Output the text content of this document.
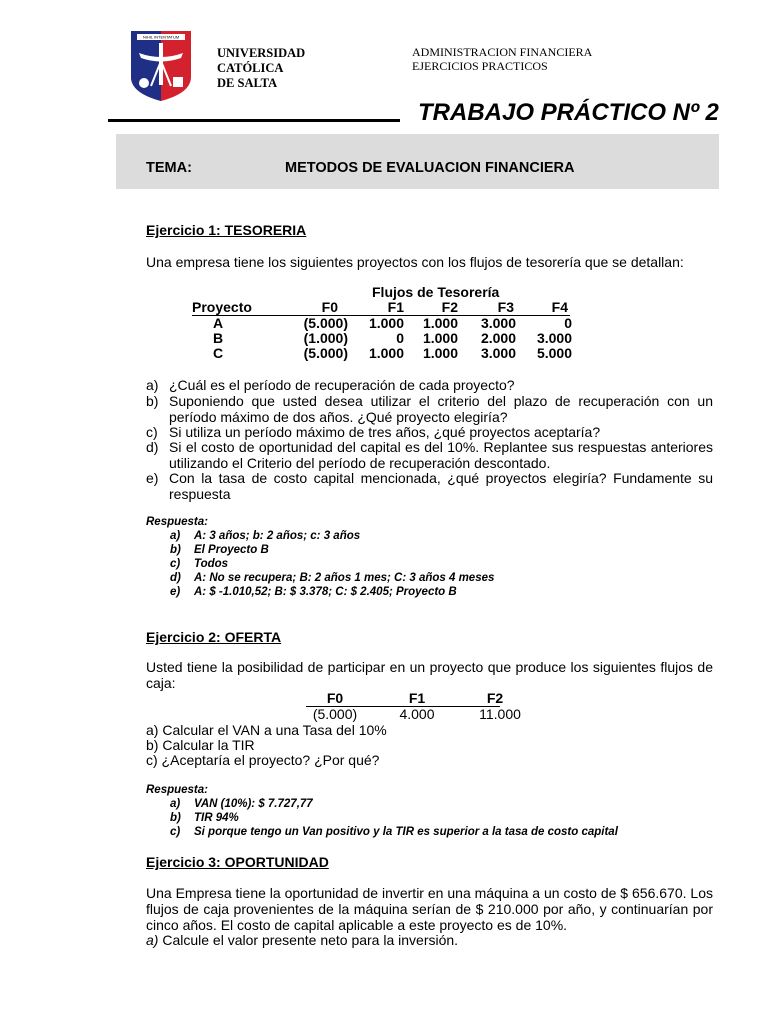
NIHIL INTENTATUM
UNIVERSIDAD
CATÓLICA
DE SALTA
ADMINISTRACION FINANCIERA
EJERCICIOS PRACTICOS
TRABAJO PRÁCTICO Nº 2
TEMA:	METODOS DE EVALUACION FINANCIERA
Ejercicio 1: TESORERIA
Una empresa tiene los siguientes proyectos con los flujos de tesorería que se detallan:
Flujos de Tesorería
Proyecto	F0	F1	F2	F3	F4
A	(5.000)	1.000	1.000	3.000	0
B	(1.000)	0	1.000	2.000	3.000
C	(5.000)	1.000	1.000	3.000	5.000
a) ¿Cuál es el período de recuperación de cada proyecto?
b) Suponiendo que usted desea utilizar el criterio del plazo de recuperación con un período máximo de dos años. ¿Qué proyecto elegiría?
c) Si utiliza un período máximo de tres años, ¿qué proyectos aceptaría?
d) Si el costo de oportunidad del capital es del 10%. Replantee sus respuestas anteriores utilizando el Criterio del período de recuperación descontado.
e) Con la tasa de costo capital mencionada, ¿qué proyectos elegiría? Fundamente su respuesta
Respuesta:
a) A: 3 años; b: 2 años; c: 3 años
b) El Proyecto B
c) Todos
d) A: No se recupera; B: 2 años 1 mes; C: 3 años 4 meses
e) A: $ -1.010,52; B: $ 3.378; C: $ 2.405; Proyecto B
Ejercicio 2: OFERTA
Usted tiene la posibilidad de participar en un proyecto que produce los siguientes flujos de caja:
F0	F1	F2
(5.000)	4.000	11.000
a) Calcular el VAN a una Tasa del 10%
b) Calcular la TIR
c) ¿Aceptaría el proyecto? ¿Por qué?
Respuesta:
a) VAN (10%): $ 7.727,77
b) TIR 94%
c) Si porque tengo un Van positivo y la TIR es superior a la tasa de costo capital
Ejercicio 3: OPORTUNIDAD
Una Empresa tiene la oportunidad de invertir en una máquina a un costo de $ 656.670. Los flujos de caja provenientes de la máquina serían de $ 210.000 por año, y continuarían por cinco años. El costo de capital aplicable a este proyecto es de 10%.
a) Calcule el valor presente neto para la inversión.
